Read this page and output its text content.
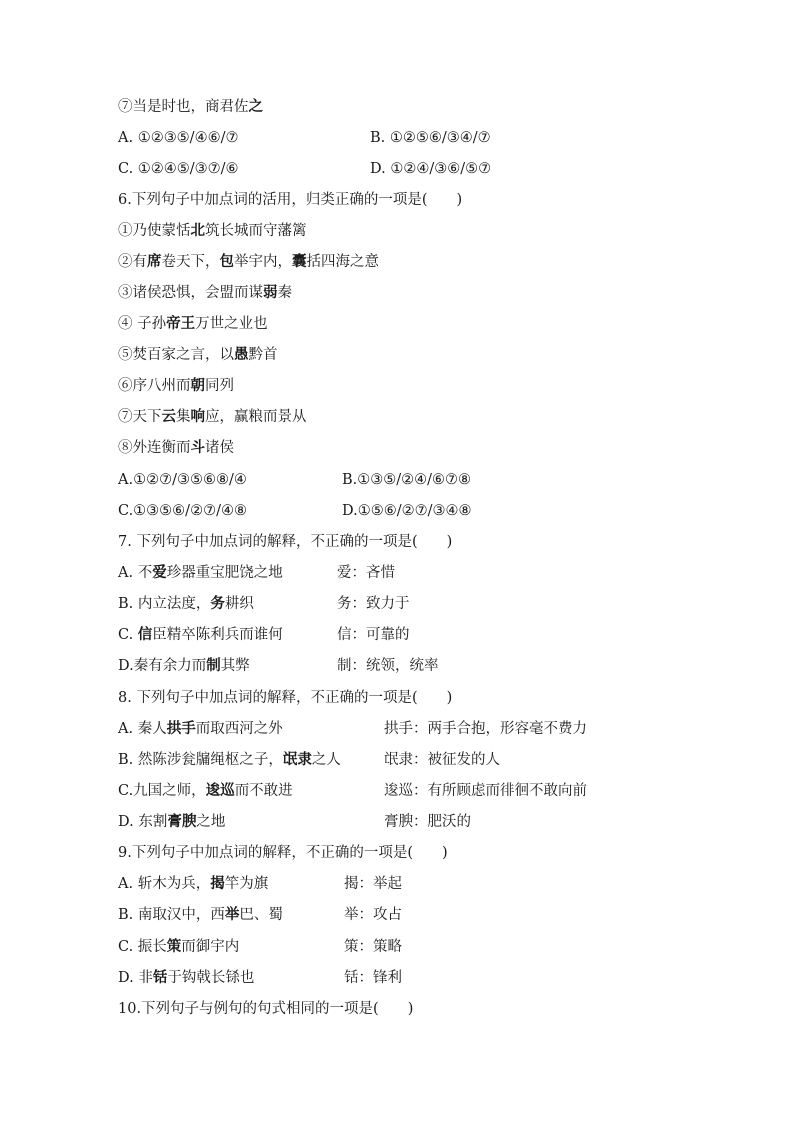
⑦当是时也，商君佐之
A. ①②③⑤/④⑥/⑦	B. ①②⑤⑥/③④/⑦
C. ①②④⑤/③⑦/⑥	D. ①②④/③⑥/⑤⑦
6.下列句子中加点词的活用，归类正确的一项是(　　)
①乃使蒙恬北筑长城而守藩篱
②有席卷天下，包举宇内，囊括四海之意
③诸侯恐惧，会盟而谋弱秦
④ 子孙帝王万世之业也
⑤焚百家之言，以愚黔首
⑥序八州而朝同列
⑦天下云集响应，赢粮而景从
⑧外连衡而斗诸侯
A.①②⑦/③⑤⑥⑧/④	B.①③⑤/②④/⑥⑦⑧
C.①③⑤⑥/②⑦/④⑧	D.①⑤⑥/②⑦/③④⑧
7. 下列句子中加点词的解释，不正确的一项是(　　)
A. 不爱珍器重宝肥饶之地	爱：吝惜
B. 内立法度，务耕织	务：致力于
C. 信臣精卒陈利兵而谁何	信：可靠的
D.秦有余力而制其弊	制：统领，统率
8. 下列句子中加点词的解释，不正确的一项是(　　)
A. 秦人拱手而取西河之外	拱手：两手合抱，形容毫不费力
B. 然陈涉瓮牖绳枢之子，氓隶之人	氓隶：被征发的人
C.九国之师，逡巡而不敢进	逡巡：有所顾虑而徘徊不敢向前
D. 东割膏腴之地	膏腴：肥沃的
9.下列句子中加点词的解释，不正确的一项是(　　)
A. 斩木为兵，揭竿为旗	揭：举起
B. 南取汉中，西举巴、蜀	举：攻占
C. 振长策而御宇内	策：策略
D. 非铦于钩戟长铩也	铦：锋利
10.下列句子与例句的句式相同的一项是(　　)
